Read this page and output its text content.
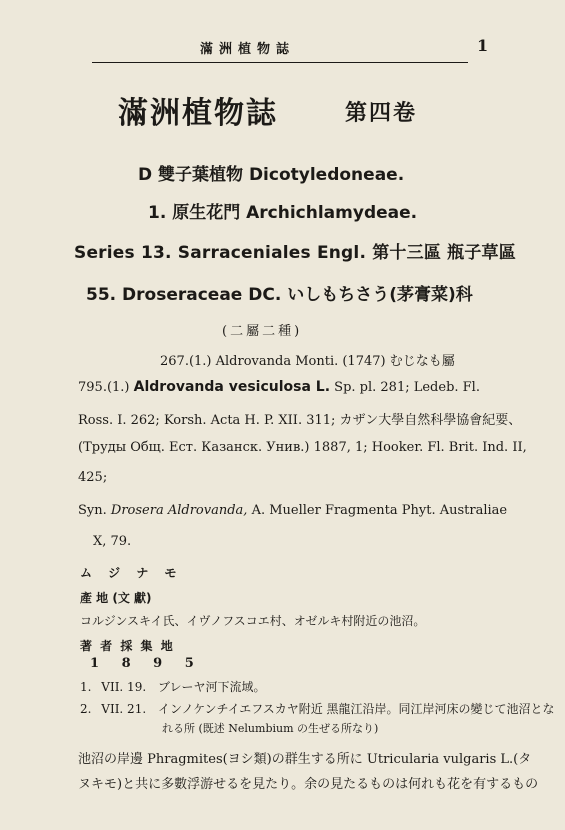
滿洲植物誌	1
滿洲植物誌	第四卷
D 雙子葉植物 Dicotyledoneae.
1. 原生花門 Archichlamydeae.
Series 13. Sarraceniales Engl. 第十三區 瓶子草區
55. Droseraceae DC. いしもちさう(茅膏菜)科
(二屬二種)
267.(1.) Aldrovanda Monti. (1747) むじなも屬
795.(1.) Aldrovanda vesiculosa L. Sp. pl. 281; Ledeb. Fl.
Ross. I. 262; Korsh. Acta H. P. XII. 311; カザン大學自然科學協會紀要、
(Труды Общ. Ест. Казанск. Унив.) 1887, 1; Hooker. Fl. Brit. Ind. II,
425;
Syn. Drosera Aldrovanda, A. Mueller Fragmenta Phyt. Australiae
X, 79.
ム ジ ナ モ
產 地 (文 獻)
コルジンスキイ氏、イヴノフスコエ村、オゼルキ村附近の池沼。
著 者 採 集 地
1 8 9 5
1. VII. 19. ブレーヤ河下流域。
2. VII. 21. インノケンチイエフスカヤ附近 黑龍江沿岸。同江岸河床の變じて池沼とな
れる所 (既述 Nelumbium の生ぜる所なり)
池沼の岸邊 Phragmites(ヨシ類)の群生する所に Utricularia vulgaris L.(タ
ヌキモ)と共に多數浮游せるを見たり。余の見たるものは何れも花を有するもの
